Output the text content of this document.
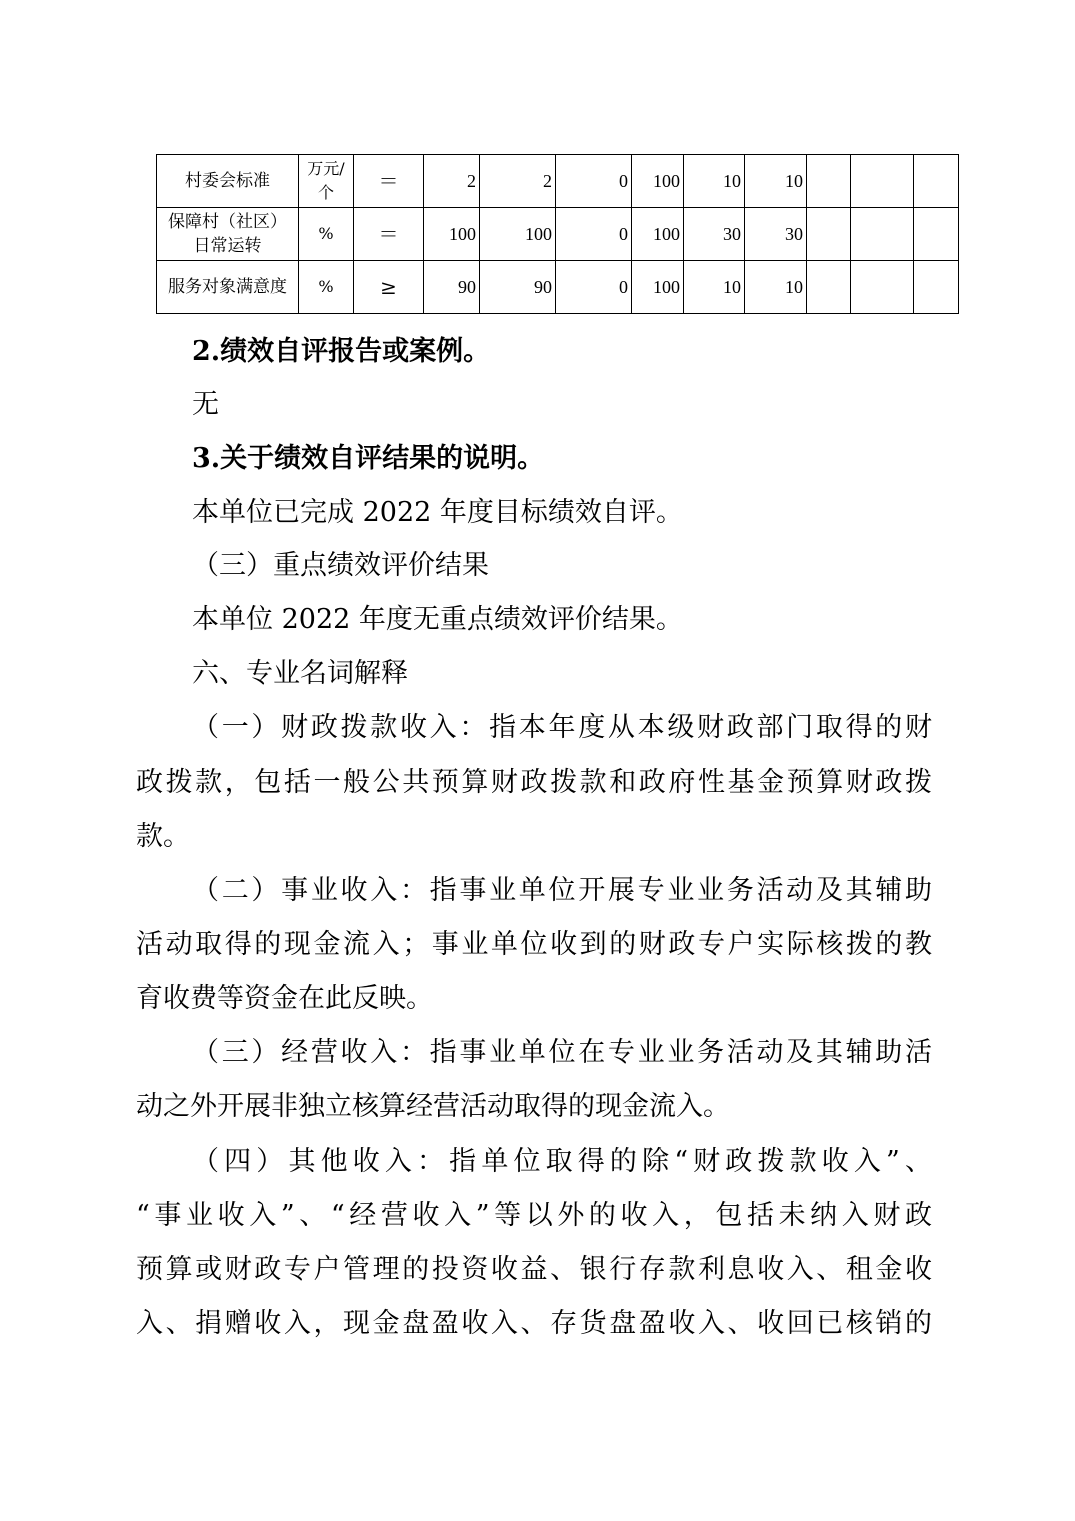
村委会标准	万元/个	＝	2	2	0	100	10	10			
保障村（社区）日常运转	%	＝	100	100	0	100	30	30			
服务对象满意度	%	≥	90	90	0	100	10	10			
2.绩效自评报告或案例。
无
3.关于绩效自评结果的说明。
本单位已完成 2022 年度目标绩效自评。
（三）重点绩效评价结果
本单位 2022 年度无重点绩效评价结果。
六、专业名词解释
（一）财政拨款收入：指本年度从本级财政部门取得的财
政拨款，包括一般公共预算财政拨款和政府性基金预算财政拨
款。
（二）事业收入：指事业单位开展专业业务活动及其辅助
活动取得的现金流入；事业单位收到的财政专户实际核拨的教
育收费等资金在此反映。
（三）经营收入：指事业单位在专业业务活动及其辅助活
动之外开展非独立核算经营活动取得的现金流入。
（四）其他收入：指单位取得的除“财政拨款收入”、
“事业收入”、“经营收入”等以外的收入，包括未纳入财政
预算或财政专户管理的投资收益、银行存款利息收入、租金收
入、捐赠收入，现金盘盈收入、存货盘盈收入、收回已核销的
